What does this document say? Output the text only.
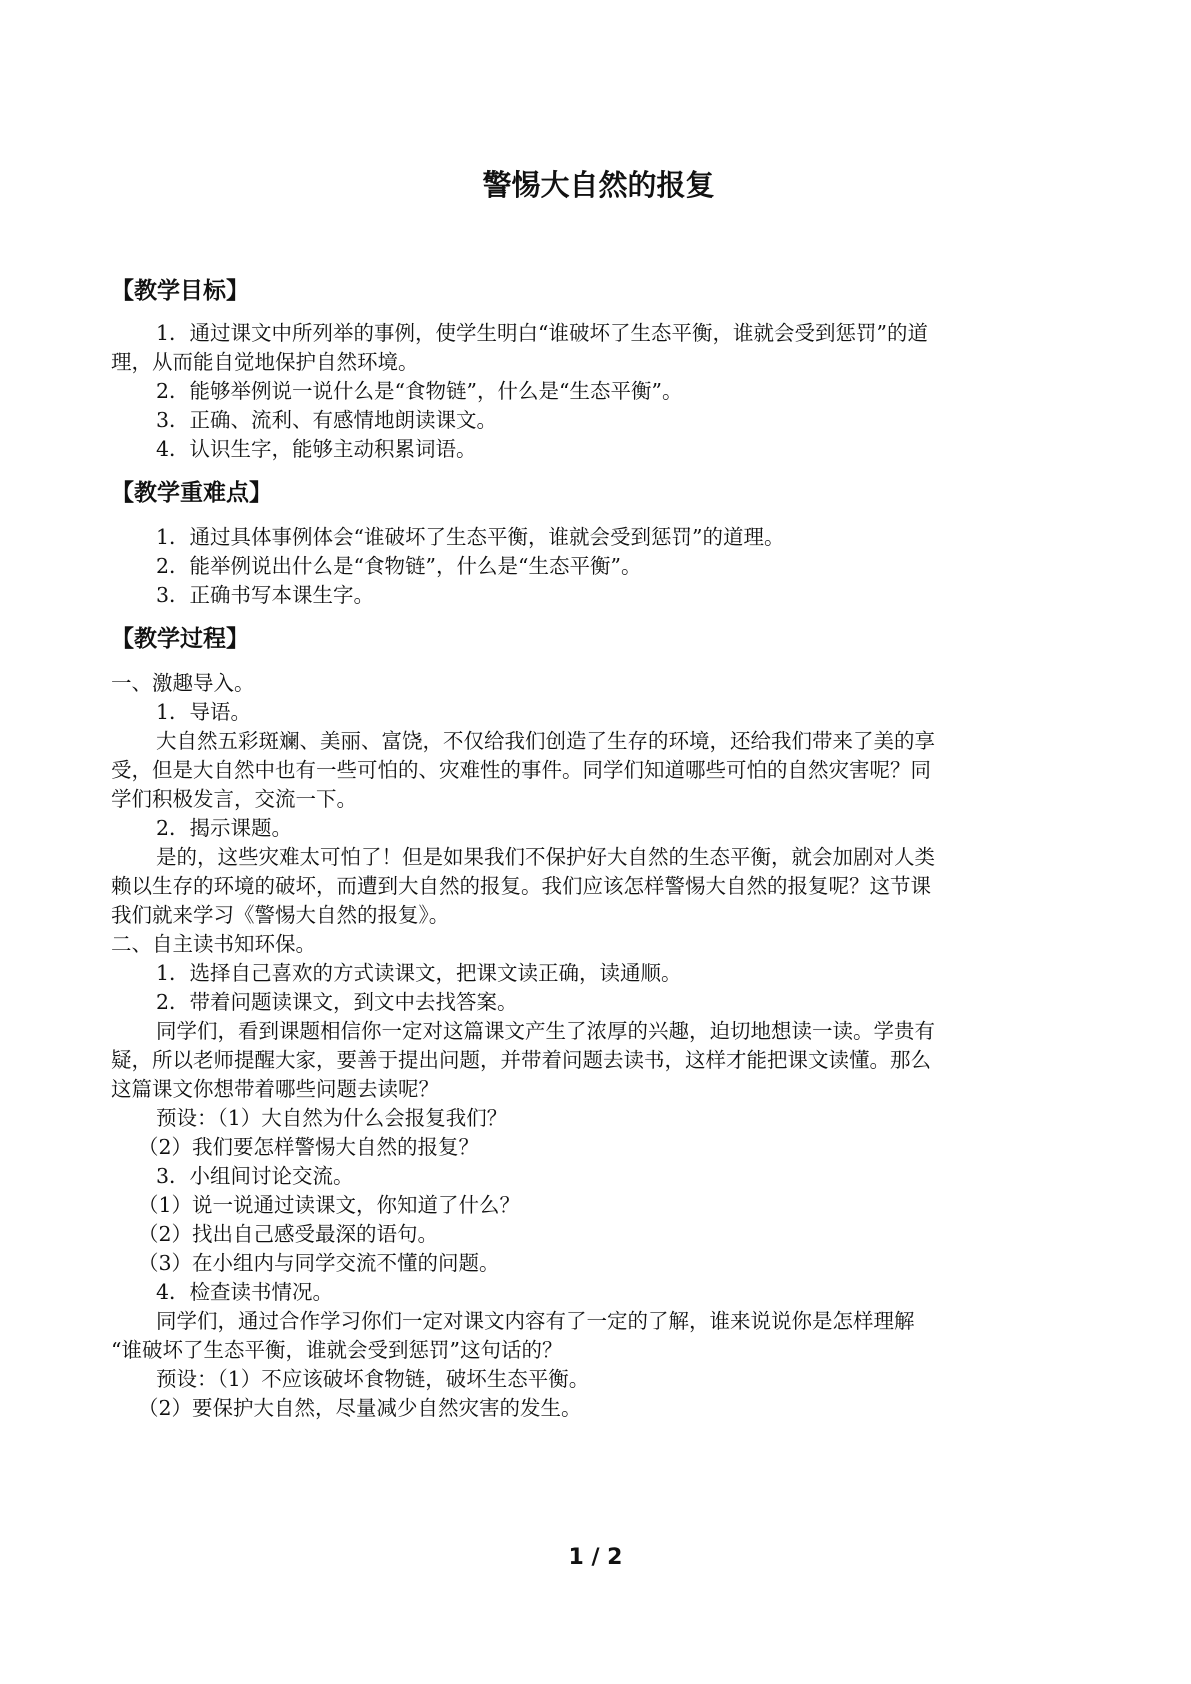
警惕大自然的报复
【教学目标】

1．通过课文中所列举的事例，使学生明白“谁破坏了生态平衡，谁就会受到惩罚”的道

理，从而能自觉地保护自然环境。

2．能够举例说一说什么是“食物链”，什么是“生态平衡”。

3．正确、流利、有感情地朗读课文。

4．认识生字，能够主动积累词语。

【教学重难点】

1．通过具体事例体会“谁破坏了生态平衡，谁就会受到惩罚”的道理。

2．能举例说出什么是“食物链”，什么是“生态平衡”。

3．正确书写本课生字。

【教学过程】

一、激趣导入。

1．导语。

大自然五彩斑斓、美丽、富饶，不仅给我们创造了生存的环境，还给我们带来了美的享

受，但是大自然中也有一些可怕的、灾难性的事件。同学们知道哪些可怕的自然灾害呢？同

学们积极发言，交流一下。

2．揭示课题。

是的，这些灾难太可怕了！但是如果我们不保护好大自然的生态平衡，就会加剧对人类

赖以生存的环境的破坏，而遭到大自然的报复。我们应该怎样警惕大自然的报复呢？这节课

我们就来学习《警惕大自然的报复》。

二、自主读书知环保。

1．选择自己喜欢的方式读课文，把课文读正确，读通顺。

2．带着问题读课文，到文中去找答案。

同学们，看到课题相信你一定对这篇课文产生了浓厚的兴趣，迫切地想读一读。学贵有

疑，所以老师提醒大家，要善于提出问题，并带着问题去读书，这样才能把课文读懂。那么

这篇课文你想带着哪些问题去读呢？

预设：（1）大自然为什么会报复我们？

（2）我们要怎样警惕大自然的报复？

3．小组间讨论交流。

（1）说一说通过读课文，你知道了什么？

（2）找出自己感受最深的语句。

（3）在小组内与同学交流不懂的问题。

4．检查读书情况。

同学们，通过合作学习你们一定对课文内容有了一定的了解，谁来说说你是怎样理解

“谁破坏了生态平衡，谁就会受到惩罚”这句话的？

预设：（1）不应该破坏食物链，破坏生态平衡。

（2）要保护大自然，尽量减少自然灾害的发生。

1 / 2
